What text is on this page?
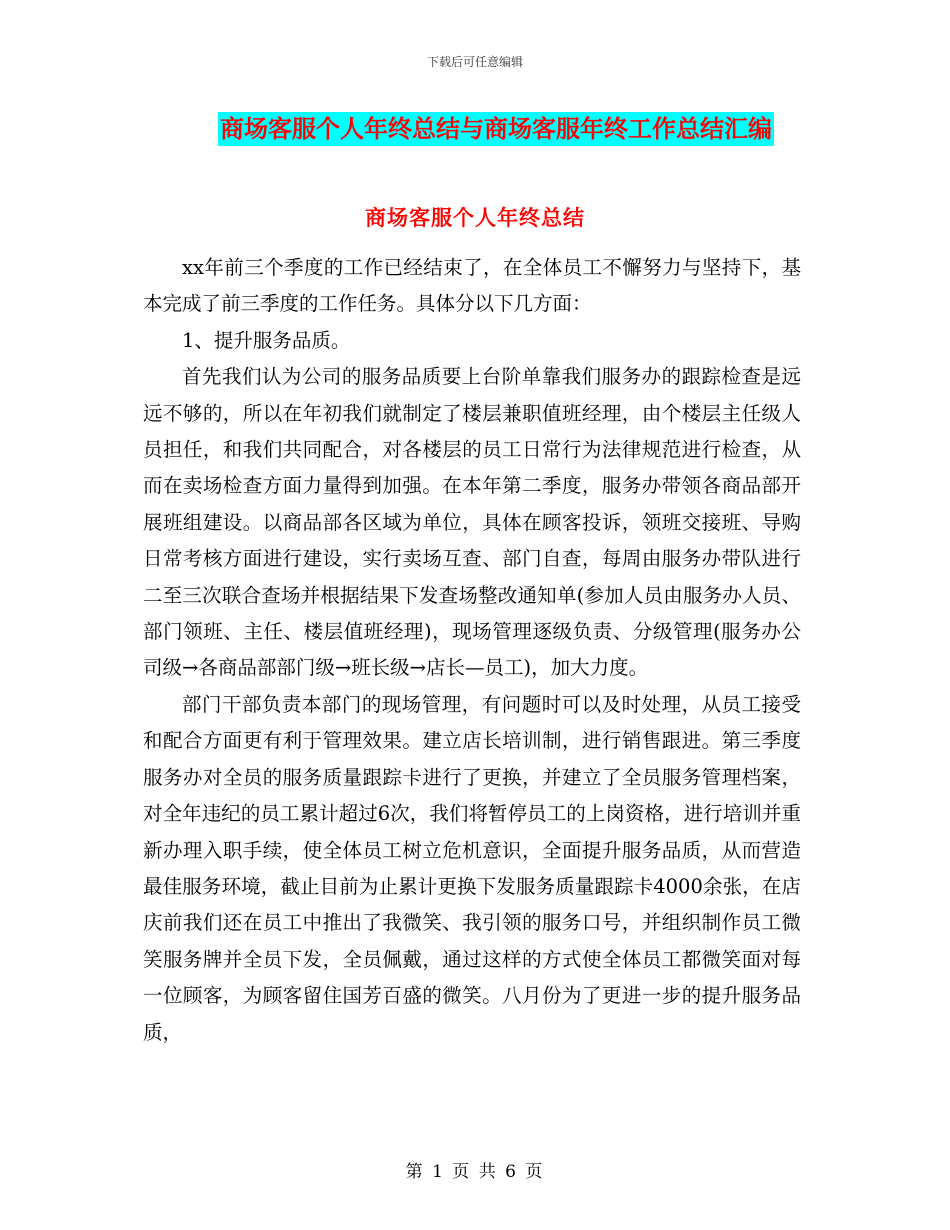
下载后可任意编辑
商场客服个人年终总结与商场客服年终工作总结汇编
商场客服个人年终总结

xx年前三个季度的工作已经结束了，在全体员工不懈努力与坚持下，基本完成了前三季度的工作任务。具体分以下几方面：

1、提升服务品质。

首先我们认为公司的服务品质要上台阶单靠我们服务办的跟踪检查是远远不够的，所以在年初我们就制定了楼层兼职值班经理，由个楼层主任级人员担任，和我们共同配合，对各楼层的员工日常行为法律规范进行检查，从而在卖场检查方面力量得到加强。在本年第二季度，服务办带领各商品部开展班组建设。以商品部各区域为单位，具体在顾客投诉，领班交接班、导购日常考核方面进行建设，实行卖场互查、部门自查，每周由服务办带队进行二至三次联合查场并根据结果下发查场整改通知单(参加人员由服务办人员、部门领班、主任、楼层值班经理)，现场管理逐级负责、分级管理(服务办公司级→各商品部部门级→班长级→店长—员工)，加大力度。

部门干部负责本部门的现场管理，有问题时可以及时处理，从员工接受和配合方面更有利于管理效果。建立店长培训制，进行销售跟进。第三季度服务办对全员的服务质量跟踪卡进行了更换，并建立了全员服务管理档案，对全年违纪的员工累计超过6次，我们将暂停员工的上岗资格，进行培训并重新办理入职手续，使全体员工树立危机意识，全面提升服务品质，从而营造最佳服务环境，截止目前为止累计更换下发服务质量跟踪卡4000余张，在店庆前我们还在员工中推出了我微笑、我引领的服务口号，并组织制作员工微笑服务牌并全员下发，全员佩戴，通过这样的方式使全体员工都微笑面对每一位顾客，为顾客留住国芳百盛的微笑。八月份为了更进一步的提升服务品质，

第 1 页 共 6 页
